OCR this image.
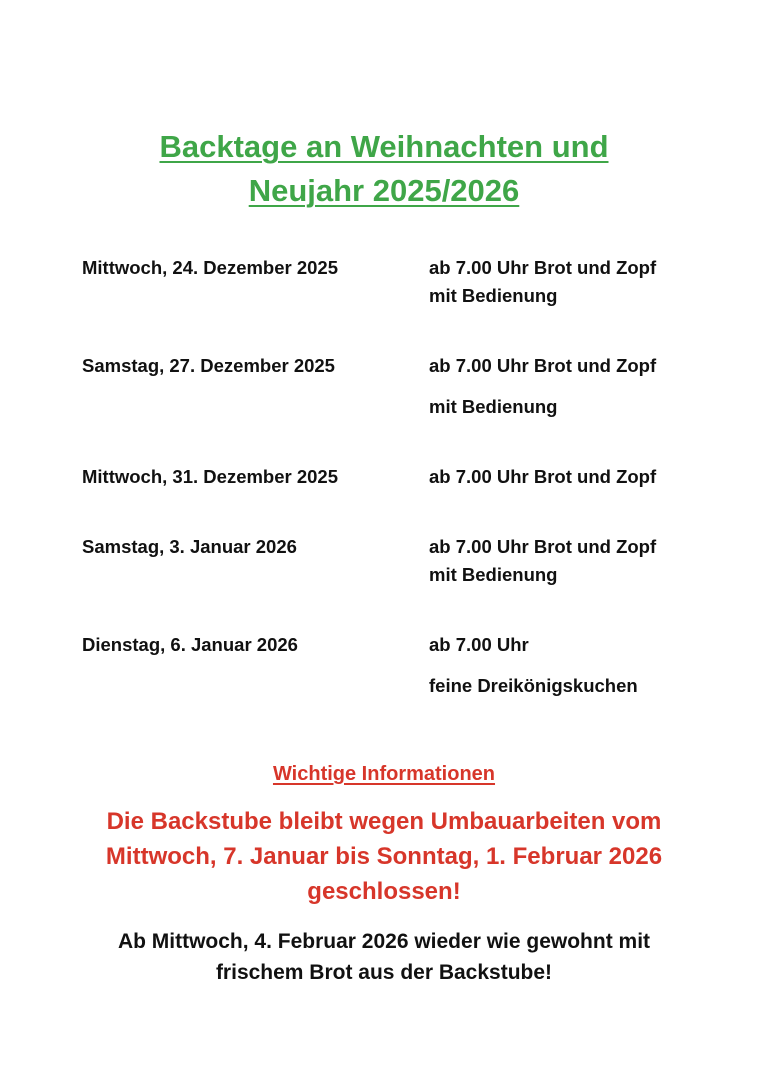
Backtage an Weihnachten und
Neujahr 2025/2026
Mittwoch, 24. Dezember 2025	ab 7.00 Uhr Brot und Zopf
mit Bedienung
Samstag, 27. Dezember 2025	ab 7.00 Uhr Brot und Zopf
mit Bedienung
Mittwoch, 31. Dezember 2025	ab 7.00 Uhr Brot und Zopf
Samstag, 3. Januar 2026	ab 7.00 Uhr Brot und Zopf
mit Bedienung
Dienstag, 6. Januar 2026	ab 7.00 Uhr
feine Dreikönigskuchen
Wichtige Informationen
Die Backstube bleibt wegen Umbauarbeiten vom
Mittwoch, 7. Januar bis Sonntag, 1. Februar 2026
geschlossen!
Ab Mittwoch, 4. Februar 2026 wieder wie gewohnt mit
frischem Brot aus der Backstube!
